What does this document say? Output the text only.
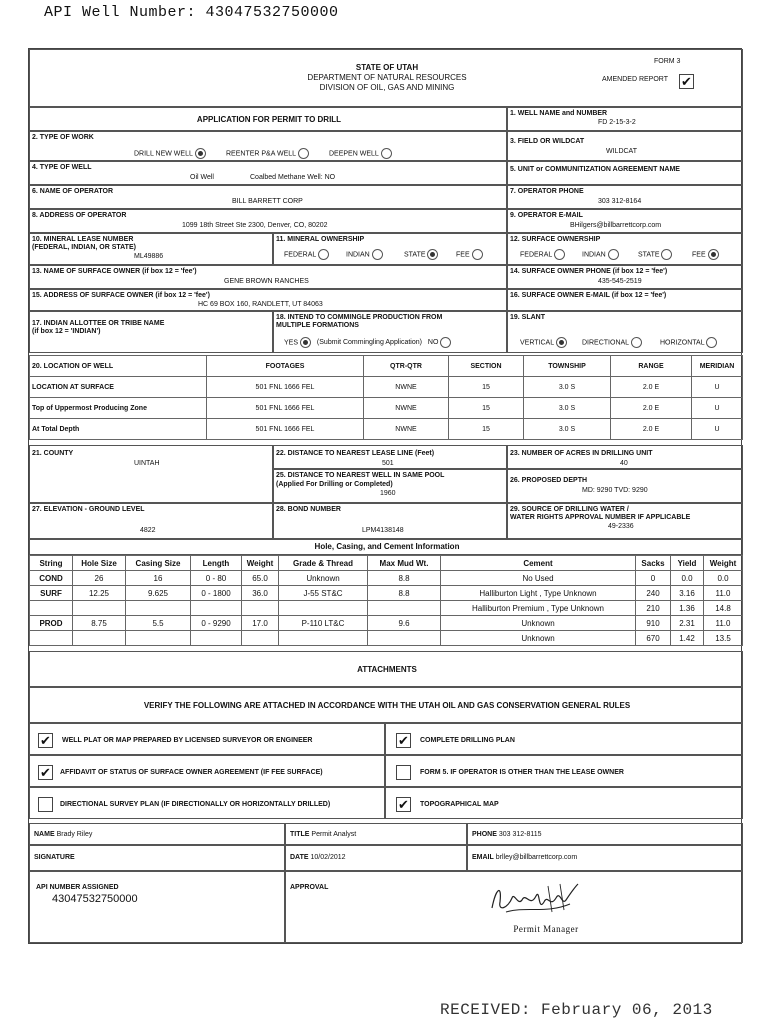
API Well Number: 43047532750000
STATE OF UTAH
DEPARTMENT OF NATURAL RESOURCES
DIVISION OF OIL, GAS AND MINING
FORM 3
AMENDED REPORT ✔
APPLICATION FOR PERMIT TO DRILL
1. WELL NAME and NUMBER
FD 2-15-3-2
2. TYPE OF WORK
DRILL NEW WELL	REENTER P&A WELL	DEEPEN WELL
3. FIELD OR WILDCAT
WILDCAT
4. TYPE OF WELL
Oil Well	Coalbed Methane Well: NO
5. UNIT or COMMUNITIZATION AGREEMENT NAME
6. NAME OF OPERATOR
BILL BARRETT CORP
7. OPERATOR PHONE
303 312-8164
8. ADDRESS OF OPERATOR
1099 18th Street Ste 2300, Denver, CO, 80202
9. OPERATOR E-MAIL
BHilgers@billbarrettcorp.com
10. MINERAL LEASE NUMBER
(FEDERAL, INDIAN, OR STATE)
ML49886
11. MINERAL OWNERSHIP
FEDERAL	INDIAN	STATE	FEE
12. SURFACE OWNERSHIP
FEDERAL	INDIAN	STATE	FEE
13. NAME OF SURFACE OWNER (if box 12 = 'fee')
GENE BROWN RANCHES
14. SURFACE OWNER PHONE (if box 12 = 'fee')
435-545-2519
15. ADDRESS OF SURFACE OWNER (if box 12 = 'fee')
HC 69 BOX 160, RANDLETT, UT 84063
16. SURFACE OWNER E-MAIL (if box 12 = 'fee')
17. INDIAN ALLOTTEE OR TRIBE NAME
(if box 12 = 'INDIAN')
18. INTEND TO COMMINGLE PRODUCTION FROM
MULTIPLE FORMATIONS
YES	(Submit Commingling Application) NO
19. SLANT
VERTICAL	DIRECTIONAL	HORIZONTAL
20. LOCATION OF WELL	FOOTAGES	QTR-QTR	SECTION	TOWNSHIP	RANGE	MERIDIAN
LOCATION AT SURFACE	501 FNL 1666 FEL	NWNE	15	3.0 S	2.0 E	U
Top of Uppermost Producing Zone	501 FNL 1666 FEL	NWNE	15	3.0 S	2.0 E	U
At Total Depth	501 FNL 1666 FEL	NWNE	15	3.0 S	2.0 E	U
21. COUNTY
UINTAH
22. DISTANCE TO NEAREST LEASE LINE (Feet)
501
23. NUMBER OF ACRES IN DRILLING UNIT
40
25. DISTANCE TO NEAREST WELL IN SAME POOL
(Applied For Drilling or Completed)
1960
26. PROPOSED DEPTH
MD: 9290 TVD: 9290
27. ELEVATION - GROUND LEVEL
4822
28. BOND NUMBER
LPM4138148
29. SOURCE OF DRILLING WATER /
WATER RIGHTS APPROVAL NUMBER IF APPLICABLE
49-2336
Hole, Casing, and Cement Information
String	Hole Size	Casing Size	Length	Weight	Grade & Thread	Max Mud Wt.	Cement	Sacks	Yield	Weight
COND	26	16	0 - 80	65.0	Unknown	8.8	No Used	0	0.0	0.0
SURF	12.25	9.625	0 - 1800	36.0	J-55 ST&C	8.8	Halliburton Light , Type Unknown	240	3.16	11.0
							Halliburton Premium , Type Unknown	210	1.36	14.8
PROD	8.75	5.5	0 - 9290	17.0	P-110 LT&C	9.6	Unknown	910	2.31	11.0
							Unknown	670	1.42	13.5
ATTACHMENTS
VERIFY THE FOLLOWING ARE ATTACHED IN ACCORDANCE WITH THE UTAH OIL AND GAS CONSERVATION GENERAL RULES
✔ WELL PLAT OR MAP PREPARED BY LICENSED SURVEYOR OR ENGINEER	✔ COMPLETE DRILLING PLAN
✔ AFFIDAVIT OF STATUS OF SURFACE OWNER AGREEMENT (IF FEE SURFACE)	FORM 5. IF OPERATOR IS OTHER THAN THE LEASE OWNER
DIRECTIONAL SURVEY PLAN (IF DIRECTIONALLY OR HORIZONTALLY DRILLED)	✔ TOPOGRAPHICAL MAP
NAME Brady Riley	TITLE Permit Analyst	PHONE 303 312-8115
SIGNATURE	DATE 10/02/2012	EMAIL brlley@billbarrettcorp.com
API NUMBER ASSIGNED
43047532750000
APPROVAL
Permit Manager
RECEIVED: February 06, 2013
